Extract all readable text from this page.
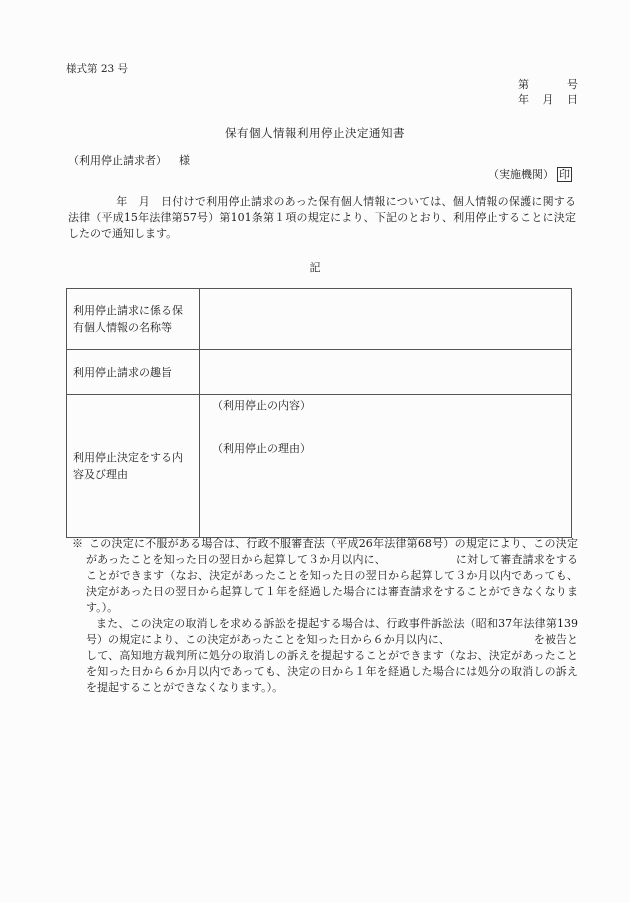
様式第 23 号
第	号
年 月 日
保有個人情報利用停止決定通知書
（利用停止請求者） 様
（実施機関） 印
年  月  日付けで利用停止請求のあった保有個人情報については、個人情報の保護に関する法律（平成15年法律第57号）第101条第１項の規定により、下記のとおり、利用停止することに決定したので通知します。
記
利用停止請求に係る保有個人情報の名称等	
利用停止請求の趣旨	
利用停止決定をする内容及び理由	（利用停止の内容）
（利用停止の理由）

※  この決定に不服がある場合は、行政不服審査法（平成26年法律第68号）の規定により、この決定があったことを知った日の翌日から起算して３か月以内に、	に対して審査請求をすることができます（なお、決定があったことを知った日の翌日から起算して３か月以内であっても、決定があった日の翌日から起算して１年を経過した場合には審査請求をすることができなくなります。）。

また、この決定の取消しを求める訴訟を提起する場合は、行政事件訴訟法（昭和37年法律第139号）の規定により、この決定があったことを知った日から６か月以内に、	を被告として、高知地方裁判所に処分の取消しの訴えを提起することができます（なお、決定があったことを知った日から６か月以内であっても、決定の日から１年を経過した場合には処分の取消しの訴えを提起することができなくなります。）。
